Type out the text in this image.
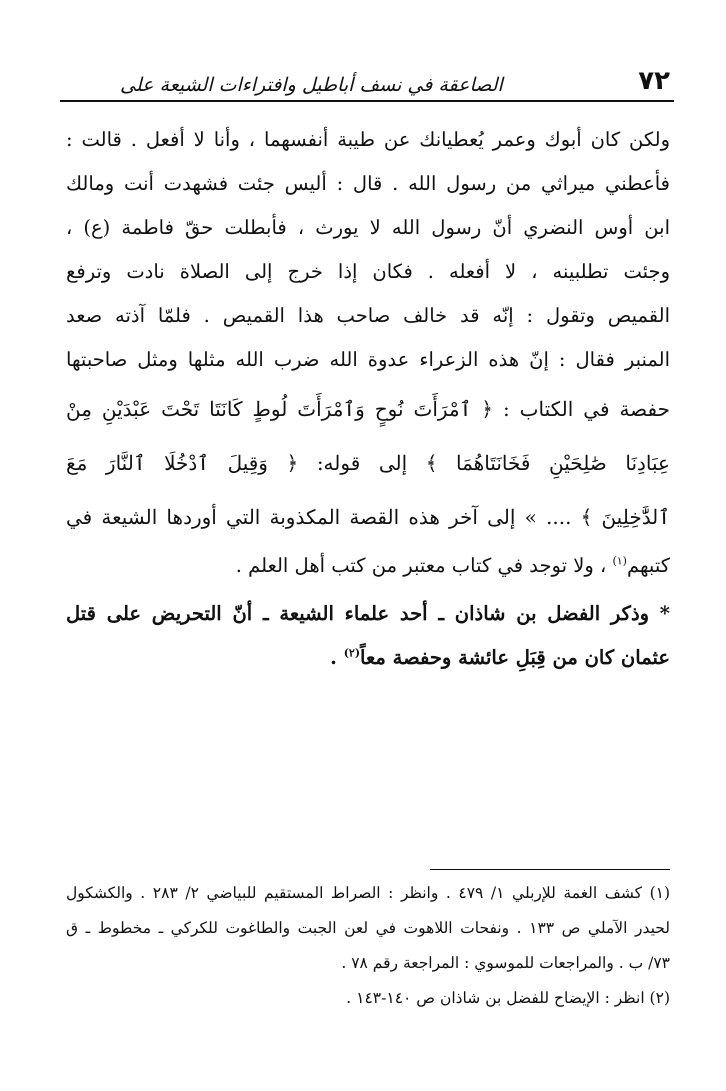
٧٢
الصاعقة في نسف أباطيل وافتراءات الشيعة على
ولكن كان أبوك وعمر يُعطيانك عن طيبة أنفسهما ، وأنا لا أفعل . قالت :
فأعطني ميراثي من رسول الله . قال : أليس جئت فشهدت أنت ومالك
ابن أوس النضري أنّ رسول الله لا يورث ، فأبطلت حقّ فاطمة (ع) ،
وجئت تطلبينه ، لا أفعله . فكان إذا خرج إلى الصلاة نادت وترفع
القميص وتقول : إنّه قد خالف صاحب هذا القميص . فلمّا آذته صعد
المنبر فقال : إنّ هذه الزعراء عدوة الله ضرب الله مثلها ومثل صاحبتها
حفصة في الكتاب : ﴿ ٱمْرَأَتَ نُوحٍ وَٱمْرَأَتَ لُوطٍ كَانَتَا تَحْتَ عَبْدَيْنِ مِنْ
عِبَادِنَا صَٰلِحَيْنِ فَخَانَتَاهُمَا ﴾ إلى قوله: ﴿ وَقِيلَ ٱدْخُلَا ٱلنَّارَ مَعَ
ٱلدَّٰخِلِينَ ﴾ .... » إلى آخر هذه القصة المكذوبة التي أوردها الشيعة في
كتبهم$^{(١)}$ ، ولا توجد في كتاب معتبر من كتب أهل العلم .
* وذكر الفضل بن شاذان ـ أحد علماء الشيعة ـ أنّ التحريض على قتل
عثمان كان من قِبَلِ عائشة وحفصة معاً$^{(٢)}$ .
(١) كشف الغمة للإربلي ١/ ٤٧٩ . وانظر : الصراط المستقيم للبياضي ٢/ ٢٨٣ . والكشكول
لحيدر الآملي ص ١٣٣ . ونفحات اللاهوت في لعن الجبت والطاغوت للكركي ـ مخطوط ـ ق
٧٣/ ب . والمراجعات للموسوي : المراجعة رقم ٧٨ .
(٢) انظر : الإيضاح للفضل بن شاذان ص ١٤٠-١٤٣ .
